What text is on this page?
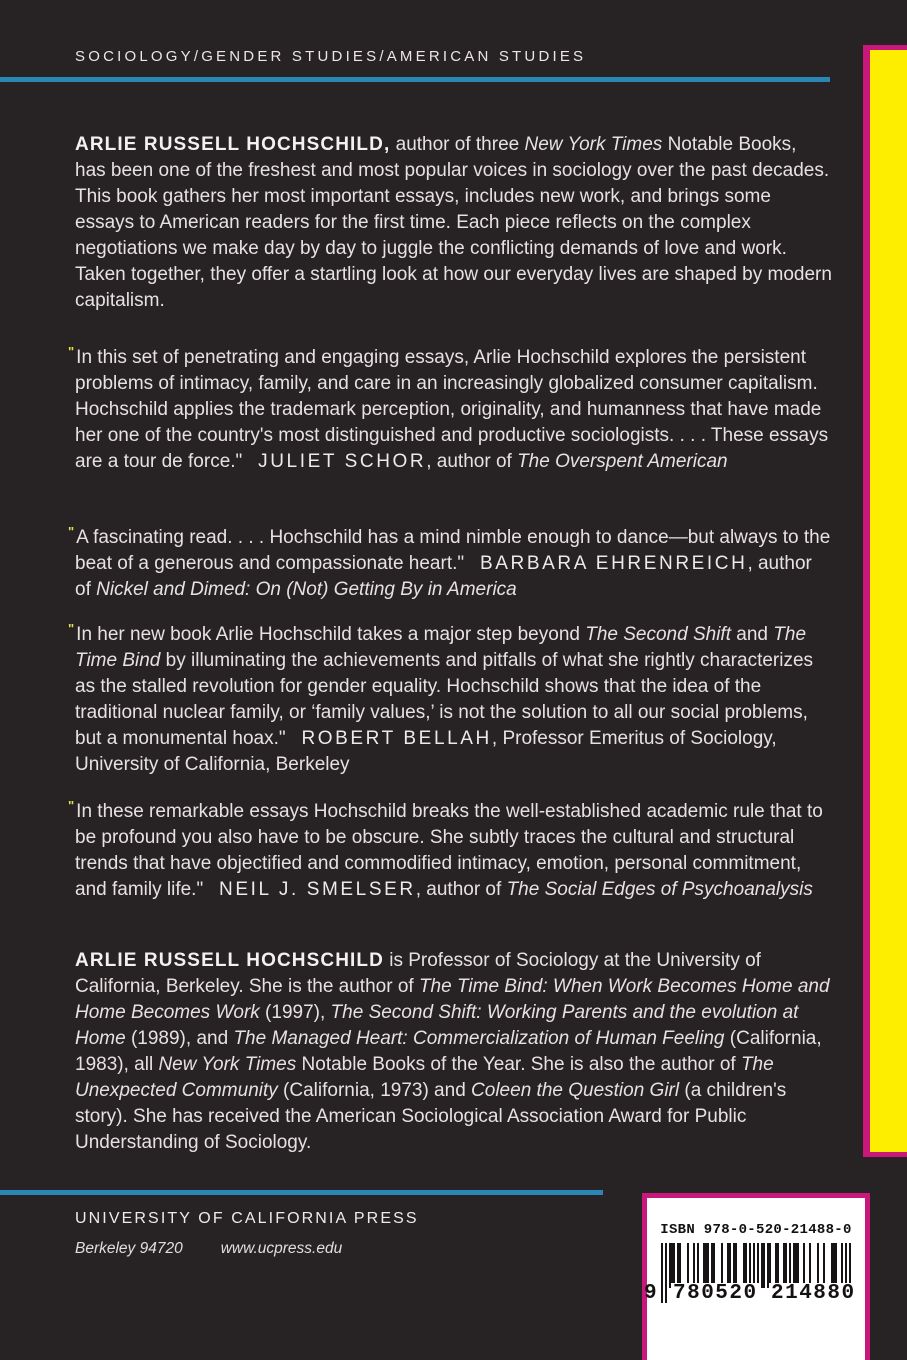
SOCIOLOGY/GENDER STUDIES/AMERICAN STUDIES

ARLIE RUSSELL HOCHSCHILD, author of three New York Times Notable Books, has been one of the freshest and most popular voices in sociology over the past decades. This book gathers her most important essays, includes new work, and brings some essays to American readers for the first time. Each piece reflects on the complex negotiations we make day by day to juggle the conflicting demands of love and work. Taken together, they offer a startling look at how our everyday lives are shaped by modern capitalism.

"In this set of penetrating and engaging essays, Arlie Hochschild explores the persistent problems of intimacy, family, and care in an increasingly globalized consumer capitalism. Hochschild applies the trademark perception, originality, and humanness that have made her one of the country's most distinguished and productive sociologists. . . . These essays are a tour de force."   JULIET SCHOR, author of The Overspent American

"A fascinating read. . . . Hochschild has a mind nimble enough to dance—but always to the beat of a generous and compassionate heart."   BARBARA EHRENREICH, author of Nickel and Dimed: On (Not) Getting By in America

"In her new book Arlie Hochschild takes a major step beyond The Second Shift and The Time Bind by illuminating the achievements and pitfalls of what she rightly characterizes as the stalled revolution for gender equality. Hochschild shows that the idea of the traditional nuclear family, or ‘family values,’ is not the solution to all our social problems, but a monumental hoax."   ROBERT BELLAH, Professor Emeritus of Sociology, University of California, Berkeley

"In these remarkable essays Hochschild breaks the well-established academic rule that to be profound you also have to be obscure. She subtly traces the cultural and structural trends that have objectified and commodified intimacy, emotion, personal commitment, and family life."   NEIL J. SMELSER, author of The Social Edges of Psychoanalysis

ARLIE RUSSELL HOCHSCHILD is Professor of Sociology at the University of California, Berkeley. She is the author of The Time Bind: When Work Becomes Home and Home Becomes Work (1997), The Second Shift: Working Parents and the evolution at Home (1989), and The Managed Heart: Commercialization of Human Feeling (California, 1983), all New York Times Notable Books of the Year. She is also the author of The Unexpected Community (California, 1973) and Coleen the Question Girl (a children's story). She has received the American Sociological Association Award for Public Understanding of Sociology.

UNIVERSITY OF CALIFORNIA PRESS
Berkeley 94720 www.ucpress.edu
ISBN 978-0-520-21488-0
9 780520 214880
